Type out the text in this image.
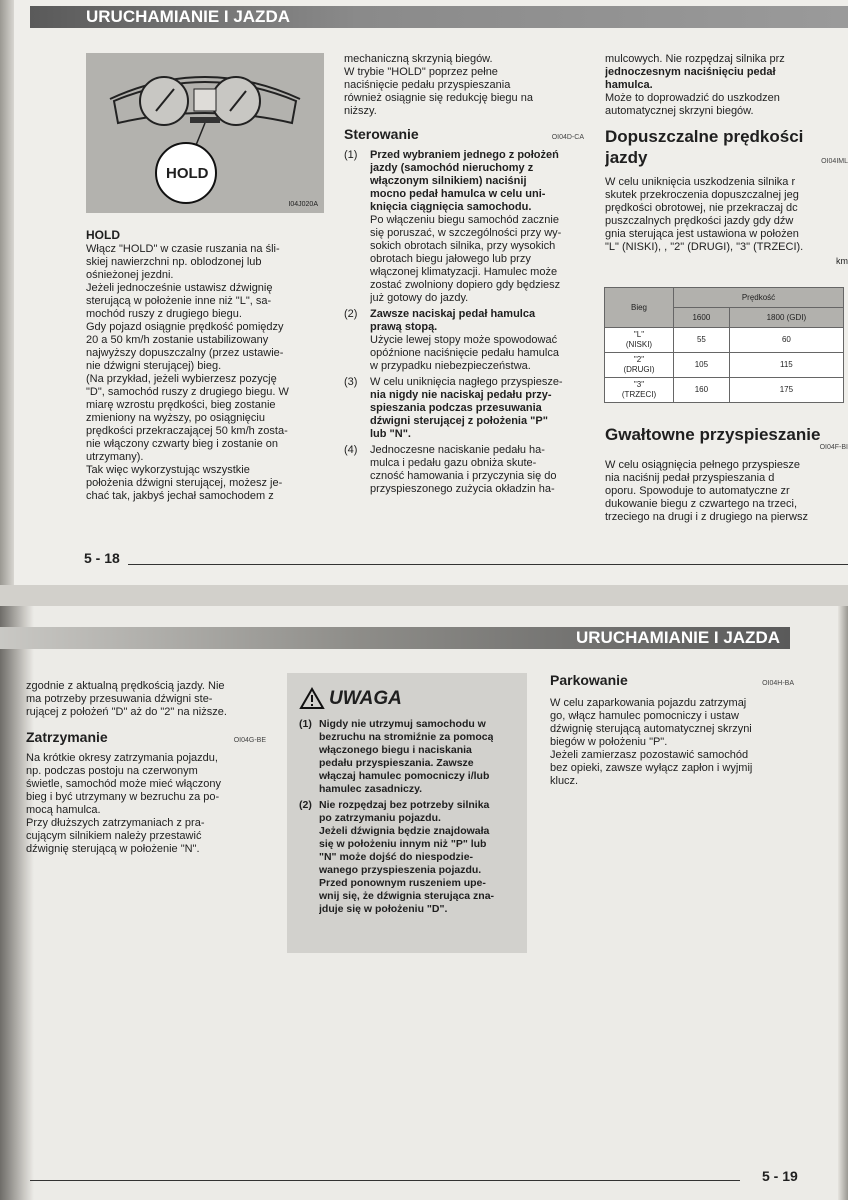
URUCHAMIANIE I JAZDA
HOLD
I04J020A

HOLD

Włącz "HOLD" w czasie ruszania na śli-

skiej nawierzchni np. oblodzonej lub

ośnieżonej jezdni.

Jeżeli jednocześnie ustawisz dźwignię

sterującą w położenie inne niż "L", sa-

mochód ruszy z drugiego biegu.

Gdy pojazd osiągnie prędkość pomiędzy

20 a 50 km/h zostanie ustabilizowany

najwyższy dopuszczalny (przez ustawie-

nie dźwigni sterującej) bieg.

(Na przykład, jeżeli wybierzesz pozycję

"D", samochód ruszy z drugiego biegu. W

miarę wzrostu prędkości, bieg zostanie

zmieniony na wyższy, po osiągnięciu

prędkości przekraczającej 50 km/h zosta-

nie włączony czwarty bieg i zostanie on

utrzymany).

Tak więc wykorzystując wszystkie

położenia dźwigni sterującej, możesz je-

chać tak, jakbyś jechał samochodem z

mechaniczną skrzynią biegów.

W trybie "HOLD" poprzez pełne

naciśnięcie pedału przyspieszania

również osiągnie się redukcję biegu na

niższy.

Sterowanie	OI04D-CA

(1)	Przed wybraniem jednego z położeń

jazdy (samochód nieruchomy z

włączonym silnikiem) naciśnij

mocno pedał hamulca w celu uni-

knięcia ciągnięcia samochodu.

Po włączeniu biegu samochód zacznie

się poruszać, w szczególności przy wy-

sokich obrotach silnika, przy wysokich

obrotach biegu jałowego lub przy

włączonej klimatyzacji. Hamulec może

zostać zwolniony dopiero gdy będziesz

już gotowy do jazdy.

(2)	Zawsze naciskaj pedał hamulca

prawą stopą.

Użycie lewej stopy może spowodować

opóźnione naciśnięcie pedału hamulca

w przypadku niebezpieczeństwa.

(3)	W celu uniknięcia nagłego przyspiesze-

nia nigdy nie naciskaj pedału przy-

spieszania podczas przesuwania

dźwigni sterującej z położenia "P"

lub "N".

(4)	Jednoczesne naciskanie pedału ha-

mulca i pedału gazu obniża skute-

czność hamowania i przyczynia się do

przyspieszonego zużycia okładzin ha-

mulcowych. Nie rozpędzaj silnika prz

jednoczesnym naciśnięciu pedał

hamulca.

Może to doprowadzić do uszkodzen

automatycznej skrzyni biegów.

Dopuszczalne prędkości

jazdy	OI04IML

W celu uniknięcia uszkodzenia silnika r

skutek przekroczenia dopuszczalnej jeg

prędkości obrotowej, nie przekraczaj dc

puszczalnych prędkości jazdy gdy dźw

gnia sterująca jest ustawiona w położen

"L" (NISKI), , "2" (DRUGI), "3" (TRZECI).

km

Bieg	Prędkość	
	1600	1800 (GDI)
"L"
(NISKI)	55	60
"2"
(DRUGI)	105	115
"3"
(TRZECI)	160	175

Gwałtowne przyspieszanie

OI04F-BI

W celu osiągnięcia pełnego przyspiesze

nia naciśnij pedał przyspieszania d

oporu. Spowoduje to automatyczne zr

dukowanie biegu z czwartego na trzeci,

trzeciego na drugi i z drugiego na pierwsz

5 - 18
URUCHAMIANIE I JAZDA

zgodnie z aktualną prędkością jazdy. Nie

ma potrzeby przesuwania dźwigni ste-

rującej z położeń "D" aż do "2" na niższe.

Zatrzymanie	OI04G-BE

Na krótkie okresy zatrzymania pojazdu,

np. podczas postoju na czerwonym

świetle, samochód może mieć włączony

bieg i być utrzymany w bezruchu za po-

mocą hamulca.

Przy dłuższych zatrzymaniach z pra-

cującym silnikiem należy przestawić

dźwignię sterującą w położenie "N".

UWAGA

(1) Nigdy nie utrzymuj samochodu w

bezruchu na stromiźnie za pomocą

włączonego biegu i naciskania

pedału przyspieszania. Zawsze

włączaj hamulec pomocniczy i/lub

hamulec zasadniczy.

(2) Nie rozpędzaj bez potrzeby silnika

po zatrzymaniu pojazdu.

Jeżeli dźwignia będzie znajdowała

się w położeniu innym niż "P" lub

"N" może dojść do niespodzie-

wanego przyspieszenia pojazdu.

Przed ponownym ruszeniem upe-

wnij się, że dźwignia sterująca zna-

jduje się w położeniu "D".

Parkowanie	OI04H-BA

W celu zaparkowania pojazdu zatrzymaj

go, włącz hamulec pomocniczy i ustaw

dźwignię sterującą automatycznej skrzyni

biegów w położeniu "P".

Jeżeli zamierzasz pozostawić samochód

bez opieki, zawsze wyłącz zapłon i wyjmij

klucz.

5 - 19
